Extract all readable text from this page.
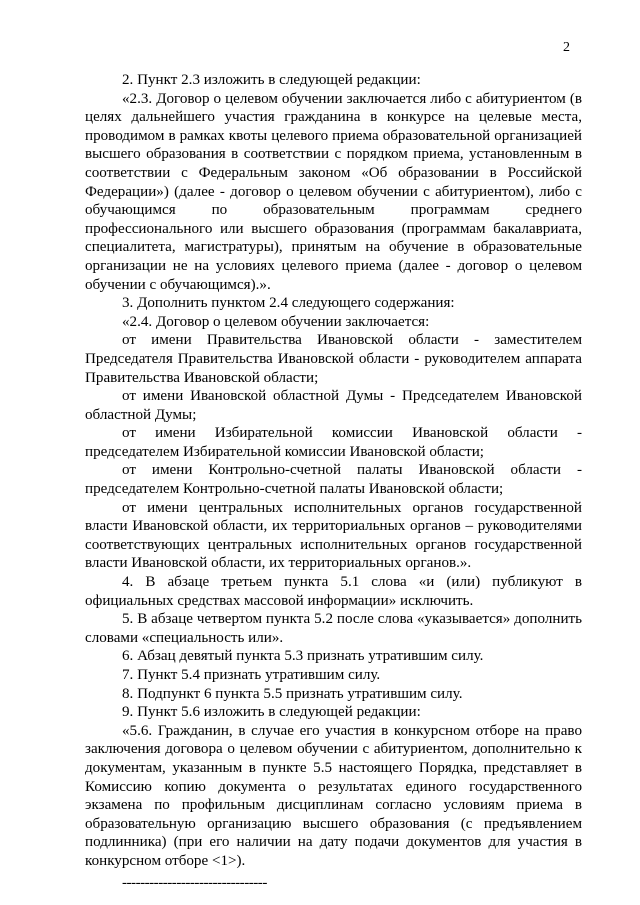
2

2. Пункт 2.3 изложить в следующей редакции:

«2.3. Договор о целевом обучении заключается либо с абитуриентом (в целях дальнейшего участия гражданина в конкурсе на целевые места, проводимом в рамках квоты целевого приема образовательной организацией высшего образования в соответствии с порядком приема, установленным в соответствии с Федеральным законом «Об образовании в Российской Федерации») (далее - договор о целевом обучении с абитуриентом), либо с обучающимся по образовательным программам среднего профессионального или высшего образования (программам бакалавриата, специалитета, магистратуры), принятым на обучение в образовательные организации не на условиях целевого приема (далее - договор о целевом обучении с обучающимся).».

3. Дополнить пунктом 2.4 следующего содержания:

«2.4. Договор о целевом обучении заключается:

от имени Правительства Ивановской области - заместителем Председателя Правительства Ивановской области - руководителем аппарата Правительства Ивановской области;

от имени Ивановской областной Думы - Председателем Ивановской областной Думы;

от имени Избирательной комиссии Ивановской области - председателем Избирательной комиссии Ивановской области;

от имени Контрольно-счетной палаты Ивановской области - председателем Контрольно-счетной палаты Ивановской области;

от имени центральных исполнительных органов государственной власти Ивановской области, их территориальных органов – руководителями соответствующих центральных исполнительных органов государственной власти Ивановской области, их территориальных органов.».

4. В абзаце третьем пункта 5.1 слова «и (или) публикуют в официальных средствах массовой информации» исключить.

5. В абзаце четвертом пункта 5.2 после слова «указывается» дополнить словами «специальность или».

6. Абзац девятый пункта 5.3 признать утратившим силу.

7. Пункт 5.4 признать утратившим силу.

8. Подпункт 6 пункта 5.5 признать утратившим силу.

9. Пункт 5.6 изложить в следующей редакции:

«5.6. Гражданин, в случае его участия в конкурсном отборе на право заключения договора о целевом обучении с абитуриентом, дополнительно к документам, указанным в пункте 5.5 настоящего Порядка, представляет в Комиссию копию документа о результатах единого государственного экзамена по профильным дисциплинам согласно условиям приема в образовательную организацию высшего образования (с предъявлением подлинника) (при его наличии на дату подачи документов для участия в конкурсном отборе <1>).

--------------------------------
